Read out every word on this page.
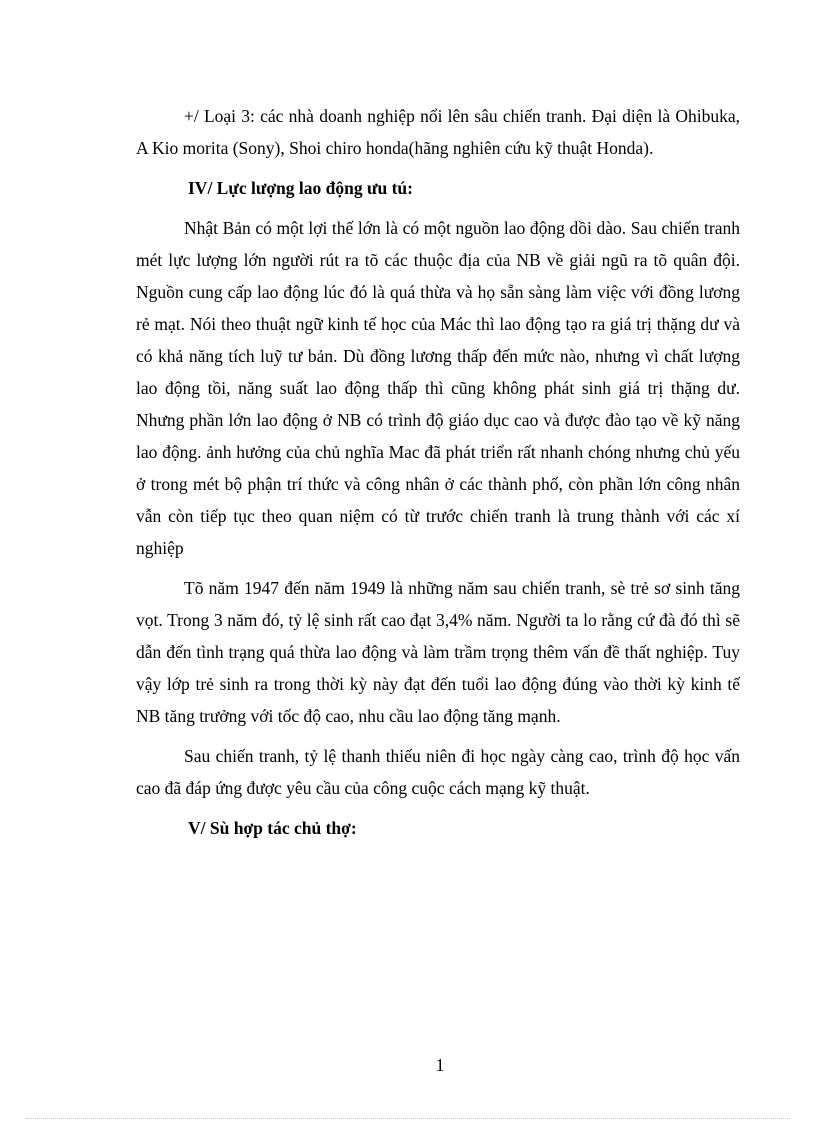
+/ Loại 3: các nhà doanh nghiệp nổi lên sâu chiến tranh. Đại diện là Ohibuka, A Kio morita (Sony), Shoi chiro honda(hãng nghiên cứu kỹ thuật Honda).

IV/ Lực lượng lao động ưu tú:

Nhật Bản có một lợi thế lớn là có một nguồn lao động dồi dào. Sau chiến tranh mét lực lượng lớn người rút ra tõ các thuộc địa của NB về giải ngũ ra tõ quân đội. Nguồn cung cấp lao động lúc đó là quá thừa và họ sẵn sàng làm việc với đồng lương rẻ mạt. Nói theo thuật ngữ kinh tế học của Mác thì lao động tạo ra giá trị thặng dư và có khả năng tích luỹ tư bản. Dù đồng lương thấp đến mức nào, nhưng vì chất lượng lao động tồi, năng suất lao động thấp thì cũng không phát sinh giá trị thặng dư. Nhưng phần lớn lao động ở NB có trình độ giáo dục cao và được đào tạo về kỹ năng lao động. ảnh hưởng của chủ nghĩa Mac đã phát triển rất nhanh chóng nhưng chủ yếu ở trong mét bộ phận trí thức và công nhân ở các thành phố, còn phần lớn công nhân vẫn còn tiếp tục theo quan niệm có từ trước chiến tranh là trung thành với các xí nghiệp

Tõ năm 1947 đến năm 1949 là những năm sau chiến tranh, sè trẻ sơ sinh tăng vọt. Trong 3 năm đó, tỷ lệ sinh rất cao đạt 3,4% năm. Người ta lo rằng cứ đà đó thì sẽ dẫn đến tình trạng quá thừa lao động và làm trầm trọng thêm vấn đề thất nghiệp. Tuy vậy lớp trẻ sinh ra trong thời kỳ này đạt đến tuổi lao động đúng vào thời kỳ kinh tế NB tăng trưởng với tốc độ cao, nhu cầu lao động tăng mạnh.

Sau chiến tranh, tỷ lệ thanh thiếu niên đi học ngày càng cao, trình độ học vấn cao đã đáp ứng được yêu cầu của công cuộc cách mạng kỹ thuật.

V/ Sù hợp tác chủ thợ:
1
